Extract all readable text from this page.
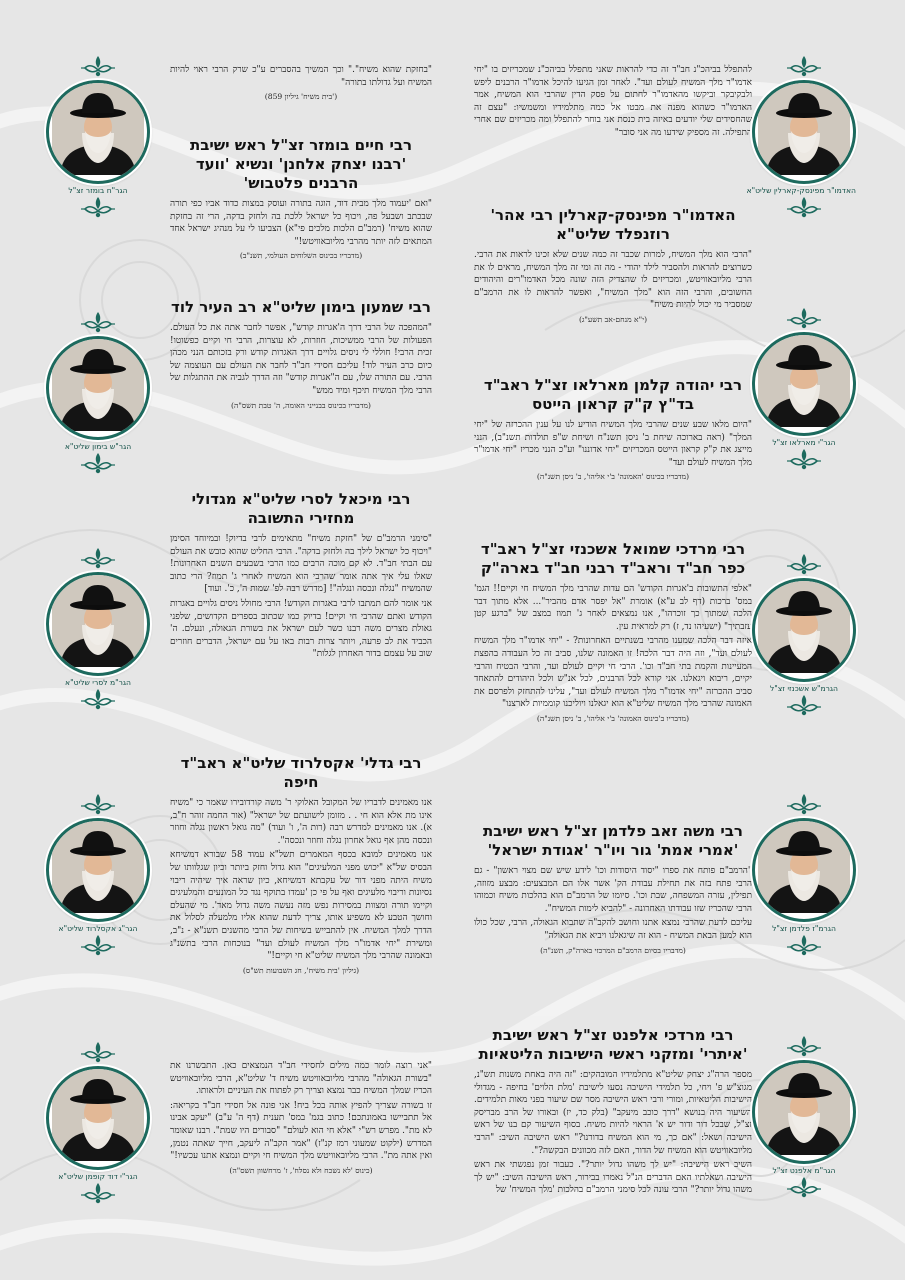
להתפלל בביהכ"נ חב"ד זה כדי להראות שאני מתפלל בביהכ"נ שמכריזים בו "יחי אדמו"ר מלך המשיח לעולם ועד". לאחר זמן הגיעו להיכל אדמו"ר הרבנים ליפש ולבקיבקר וביקשו מהאדמו"ר לחתום על פסק הדין שהרבי הוא המשיח, אמר האדמו"ר כשהוא מפנה את מבטו אל כמה מתלמידיו ומשמשיו: "עצם זה שהחסידים שלי יודעים באיזה בית כנסת אני בוחר להתפלל ומה מכריזים שם אחרי התפילה. זה מספיק שידעו מה אני סובר"

האדמו"ר מפינסק-קארלין רבי אהר' רוזנפלד שליט"א

"הרבי הוא מלך המשיח, למרות שכבר זה כמה שנים שלא זכינו לראות את הרבי. כשרוצים להראות ולהסביר לילד יהודי - מה זה ומי זה מלך המשיח, מראים לו את הרבי מליובאוויטש, ומכריזים לו שהצדיק הזה שונה מכל האדמו"רים והיהודים החשובים, והרבי הזה הוא "מלך המשיח", ואפשר להראות לו את הרמב"ם שמסביר מי יכול להיות משיח"

(י"א מנחם-אב תשע"ג)
רבי יהודה קלמן מארלאו זצ"ל ראב"ד בד"ץ ק"ק קראון הייטס

"היום מלאו שבע שנים שהרבי מלך המשיח הודיע לנו על ענין ההכרזה של "יחי המלך" (ראה בארוכה שיחת ב' ניסן תשנ"ח ושיחת ש"פ תולדות תשנ"ב), הנני מייצג את ק"ק קראון הייטס המכריזים "יחי אדוננו" וע"כ הנני מכריז "יחי אדמו"ר מלך המשיח לעולם ועד"

(מדבריו בכינוס 'האמונה' ב'י אליהו', ב' ניסן תשנ"ה)
רבי מרדכי שמואל אשכנזי זצ"ל ראב"ד כפר חב"ד וראב"ד רבני חב"ד בארה"ק

"אלפי התשובות ב'אגרות הקודש' הם עדות שהרבי מלך המשיח חי וקיים!! הגמ' במס' ברכות (דף לב ע"א) אומרת "אל יפסר אדם מהביר"... אלא מתוך דבר הלכה שמתוך כך זוכרהו", אנו נמצאים לאחר ג' תמוז במצב של "ברגע קטן עזבתיך" (ישעיהו נד, ז) רק למראית עין.

איזה דבר הלכה שמענו מהרבי בשנתיים האחרונות? - "יחי אדמו"ר מלך המשיח לעולם ועד", וזה היה דבר הלכה! זו האמונה שלנו, סביב זה כל העבודה בהפצת המעיינות והקמת בתי חב"ד וכו'. הרבי חי וקיים לעולם ועד, והרבי הבטיח והרבי יקיים, ריבוא ויגאלנו. אני קורא לכל הרבנים, לכל אנ"ש ולכל היהודים להתאחד סביב ההכרזה "יחי אדמו"ר מלך המשיח לעולם ועד", עלינו להתחזק ולפרסם את האמונה שהרבי מלך המשיח שליט"א הוא יגאלנו ויוליכנו קוממיות לארצנו"

(מדבריו ב'כינוס האמונה' ב'י אליהו', ב' ניסן תשנ"ה)
רבי משה זאב פלדמן זצ"ל ראש ישיבת 'אמרי אמת' גור ויו"ר 'אגודת ישראל'

"הרמב"ם פותח את ספרו "יסוד היסודות וכו' לידע שיש שם מצוי ראשון" - גם הרבי פתח בזה את תחילת עבודת הק' אשר אלו הם המבצעים: מבצע מזוזה, תפילין, עזרה המשפחה, שבת וכו'. סיומו של הרמב"ם הוא בהלכות משיח וכמוהו הרבי שהכריז שזו עבודתו האחרונה - "להביא לימות המשיח".

עליכם לדעת שהרבי נמצא אתנו וחושב להקב"ה שתבוא הגאולה, הרבי, שכל כולו הוא למען הבאת המשיח - הוא זה שיגאלנו ויביא את הגאולה"

(מדבריו בסיום הרמב"ם המרכזי בארה"ק, תשנ"ה)
רבי מרדכי אלפנט זצ"ל ראש ישיבת 'איתרי' ומזקני ראשי הישיבות הליטאיות

מספר הרה"ג יצחק שליט"א מתלמידיו המובהקים: "זה היה באחת משנות תש"נ, מגוצ"ש פ' ויחי, כל תלמידי הישיבה נסעו לישיבת 'מלת הלוים' בחיפה - מגדולי הישיבות הליטאיות, ומורי ורבי ראש הישיבה מסר שם שיעור בפני מאות תלמידים. השיעור היה בנושא "דרך כוכב מיעקב" (בלק כד, יז) ובאורו של הרב מבריסק זצ"ל, שבכל דור ודור יש א' הראוי להיות משיח. בסוף השיעור קם בנו של ראש הישיבה ושאל: "אם כך, מי הוא המשיח בדורנו?" ראש הישיבה השיב: "הרבי מליובאוויטש הוא המשיח של הדור, האם לזה מכוונים הבקשה?".

השיב ראש הישיבה: "יש לך משהו גדול יותר?". כעבור זמן נפגשתי את ראש הישיבה ושאלתיו האם הדברים הנ"ל נאמרו בבירור, ראש הישיבה השיב: "יש לך משהו גדול יותר?" הרבי עונה לכל סימני הרמב"ם בהלכות 'מלך המשיח' של

האדמו"ר מפינסק-קארלין שליט"א
הגר"י מארלאו זצ"ל
הגרמ"ש אשכנזי זצ"ל
הגרמ"ז פלדמן זצ"ל
הגר"מ אלפנט זצ"ל

"בחזקת שהוא משיח"." וכך המשיך בהסברים ע"כ שרק הרבי ראוי להיות המשיח ועל גדולתו בתורה"

('בית משיח' גיליון 859)
רבי חיים בומזר זצ"ל ראש ישיבת 'רבנו יצחק אלחנן' ונשיא 'וועד הרבנים פלטבוש'

"ואם 'יעמוד מלך מבית דוד, הוגה בתורה ועוסק במצות כדוד אביו כפי תורה שבכתב ושבעל פה, ויכוף כל ישראל ללכת בה ולחזק בדקה, הרי זה בחזקת שהוא משיח' (רמב"ם הלכות מלכים פי"א) הצביעו לי על מנהיג ישראל אחד המתאים לזה יותר מהרבי מליובאוויטש!"

(מדבריו בכינוס השלוחים העולמי, תשנ"ב)
רבי שמעון בימון שליט"א רב העיר לוד

"המהפכה של הרבי דרך ה'אגרות קודש", אפשר לחבר אתה את כל העולם. הפעולות של הרבי ממשיכות, חוזרות, לא עוצרות, הרבי חי וקיים כפשוטו! זכית הרבי! חוללי לי ניסים גלויים דרך האגרות קודש ורק בזכותם הנני מכהן כיום כרב העיר לוד! עליכם חסידי חב"ד לחבר את העולם עם העוצמה של הרבי. עם התורה שלו, עם ה"אגרות קודש" וזה הדרך לגביה את ההתגלות של הרבי מלך המשיח תיכף ומיד ממש"

(מדבריו בכינוס בבנייני האומה, ה' טבת תשס"ה)
רבי מיכאל לסרי שליט"א מגדולי מחזירי התשובה

"סימני הרמב"ם של "חזקת משיח" מתאימים לרבי בדיוק! ובמיוחד הסימן "ויכוף כל ישראל לילך בה ולחזק בדקה". הרבי החליט שהוא כובש את העולם עם הבתי חב"ד. לא קם מוכה הרבים כמו הרבי בשבעים השנים האחרונות! שאלו עלי איך אתה אומר שהרבי הוא המשיח לאחרי ג' תמוז? הרי כתוב שהמשיח "נגלה ונכסה ונגלה"! [מדרש רבה לפ' שמות ה', כ'. ועוד]

אני אומר להם תמתבו לרבי באגרות הקודש! הרבי מחולל ניסים גלויים באגרות הקודש ואתם שהרבי חי וקיים! בדיוק כמו שכתוב בספרים הקדושים, שלפני גאולת מצרים משה רבנו כשר לעם ישראל את בשורת הגאולה, ונעלם. ה' הכביד את לב פרעה, ויותר צרות רבות באו על עם ישראל, הדברים חוזרים שוב על עצמם בדור האחרון לגלות"

רבי גדלי' אקסלרוד שליט"א ראב"ד חיפה

אנו מאמינים לדבריו של המקובל האלוקי ר' משה קורדובירו שאמר כי "משיח אינו מת אלא הוא חי . . מזומן לישועתם של ישראל" (אור החמה זוהר ח"ב, א). אנו מאמינים למדרש רבה (רות ה', ו' ועוד) "מה גואל ראשון נגלה וחוזר ונכסה מהן אף גואל אחרון נגלה וחוזר ונכסה".

אנו מאמינים למובא בכסף המאמרים תשל"א עמוד 58 שבורא דמשיחא הבסיס של"א "יכוש מפני המלעיגים" הוא גדול וחזק ביותר וכיון שגלוותו של משיח היתה מפני דור של עקבתא דמשיחא, כיון שראה איך שיהיה ריבוי נסיונות וריבוי מלעיגים ואף על פי כן 'עמדו בתוקף נגד כל המונעים והמלעיגים וקיימו תורה ומצוות במסירות נפש מזה נעשה משה גדול מאד'. מי שהעלם וחושך הטבע לא משפיע אותו, צריך לדעת שהוא אליו מלמעלה לסלול את הדרך למלך המשיח. אין להתבייש בשיחות של הרבי מהשנים תשנ"א - נ"ב, ומשירת "יחי אדמו"ר מלך המשיח לעולם ועד" בנוכחות הרבי בתשנ"ג ובאמונה שהרבי מלך המשיח שליט"א חי וקיים!"

(גיליון 'בית משיח', חג השבועות תש"ס)

"אני רוצה לומר כמה מילים לחסידי חב"ד הנמצאים כאן. התבשרנו את "בשורת הגאולה" מהרבי מליובאוויטש משיח ד' שליט"א, הרבי מליובאוויטש הכריז שמלך המשיח כבר נמצא וצריך רק לפתוח את העיניים ולראותו.

זו בשורה שצריך להפיץ אותה בכל ביח! אני פונה אל חסידי חב"ד בקריאה: אל תתביישו באמונתכם! כתוב בגמ' במס' תענית (דף ה' ע"ב) "יעקב אבינו לא מת". מפרש רש"י "אלא חי הוא לעולם" "סבורים היו שמת". רבנו שאומר המדרש (ילקוט שמעוני רמז קנ"ז) "אמר הקב"ה ליעקב, חייך שאתה נטמן, ואין אתה מת". הרבי מליובאוויטש מלך המשיח חי וקיים ונמצא אתנו עכשיו!"

(כינוס 'לא נשכח ולא נסלח', ז' מרחשוון תשס"ה)
הגר"ח בומזר זצ"ל
הגר"ש בימון שליט"א
הגר"מ לסרי שליט"א
הגר"ג אקסלרוד שליט"א
הגר"י דוד קופמן שליט"א
